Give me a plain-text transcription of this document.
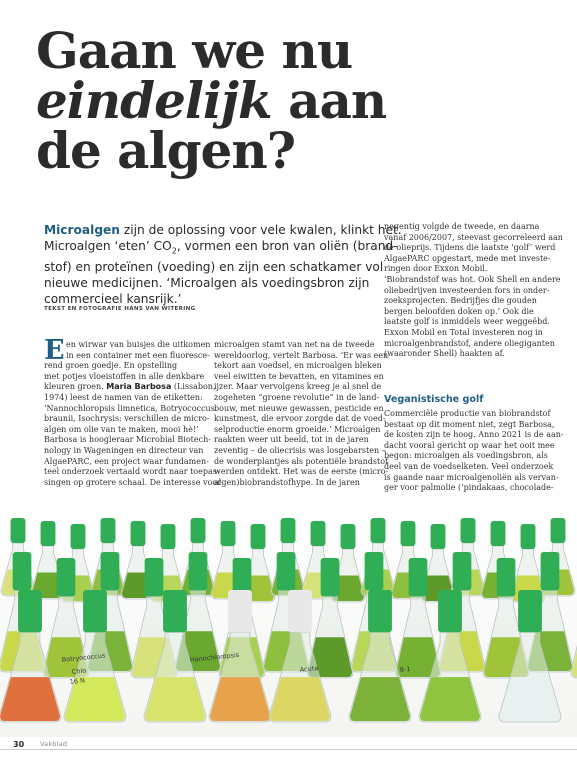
Gaan we nu
eindelijk aan
de algen?
Microalgen zijn de oplossing voor vele kwalen, klinkt het.
Microalgen ‘eten’ $CO_2$, vormen een bron van oliën (brand-
stof) en proteïnen (voeding) en zijn een schatkamer vol
nieuwe medicijnen. ‘Microalgen als voedingsbron zijn
commercieel kansrijk.’
TEKST EN FOTOGRAFIE HANS VAN WITERING
E en wirwar van buisjes die uitkomen
in een container met een fluoresce-
rend groen goedje. En opstelling
met potjes vloeistoffen in alle denkbare
kleuren groen. Maria Barbosa (Lissabon,
1974) leest de namen van de etiketten:
‘Nannochloropsis limnetica, Botryococcus
braunii, Isochrysis: verschillen de micro-
algen om olie van te maken, mooi hè!’
Barbosa is hoogleraar Microbial Biotech-
nology in Wageningen en directeur van
AlgaePARC, een project waar fundamen-
teel onderzoek vertaald wordt naar toepas-
singen op grotere schaal. De interesse voor
microalgen stamt van net na de tweede
wereldoorlog, vertelt Barbosa. ‘Er was een
tekort aan voedsel, en microalgen bleken
veel eiwitten te bevatten, en vitamines en
ijzer. Maar vervolgens kreeg je al snel de
zogeheten “groene revolutie” in de land-
bouw, met nieuwe gewassen, pesticide en
kunstmest, die ervoor zorgde dat de voed-
selproductie enorm groeide.’ Microalgen
raakten weer uit beeld, tot in de jaren
zeventig – de oliecrisis was losgebarsten –
de wonderplantjes als potentiële brandstof
werden ontdekt. Het was de eerste (micro-
algen)biobrandstofhype. In de jaren
negentig volgde de tweede, en daarna
vanaf 2006/2007, steevast gecorreleerd aan
de olieprijs. Tijdens die laatste ‘golf’ werd
AlgaePARC opgestart, mede met investe-
ringen door Exxon Mobil.
‘Biobrandstof was hot. Ook Shell en andere
oliebedrijven investeerden fors in onder-
zoeksprojecten. Bedrijfjes die gouden
bergen beloofden doken op.’ Ook die
laatste golf is inmiddels weer weggeëbd.
Exxon Mobil en Total investeren nog in
microalgenbrandstof, andere oliegiganten
(waaronder Shell) haakten af.
Veganistische golf
Commerciële productie van biobrandstof
bestaat op dit moment niet, zegt Barbosa,
de kosten zijn te hoog. Anno 2021 is de aan-
dacht vooral gericht op waar het ooit mee
begon: microalgen als voedingsbron, als
deel van de voedselketen. Veel onderzoek
is gaande naar microalgenoliën als vervan-
ger voor palmolie (‘pindakaas, chocolade-
Botryococcus	Hanochloropsis
Chlo
16 N
Acuta	8-1
30 Vakblad
